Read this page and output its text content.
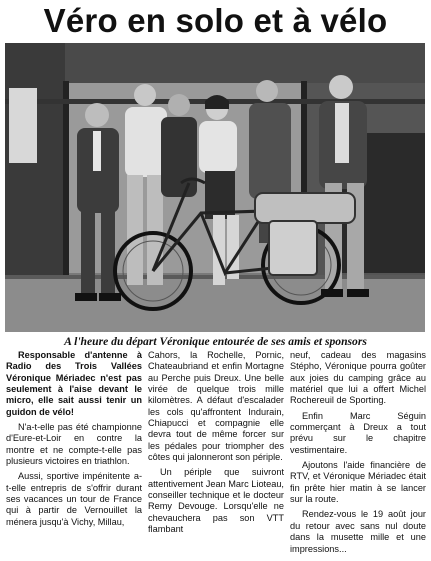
Véro en solo et à vélo
A l'heure du départ Véronique entourée de ses amis et sponsors

Responsable d'antenne à Radio des Trois Vallées Véronique Mériadec n'est pas seulement à l'aise devant le micro, elle sait aussi tenir un guidon de vélo!

N'a-t-elle pas été championne d'Eure-et-Loir en contre la montre et ne compte-t-elle pas plusieurs victoires en triathlon.

Aussi, sportive impénitente a-t-elle entrepris de s'offrir durant ses vacances un tour de France qui à partir de Vernouillet la ménera jusqu'à Vichy, Millau,

Cahors, la Rochelle, Pornic, Chateaubriand et enfin Mortagne au Perche puis Dreux. Une belle virée de quelque trois mille kilomètres. A défaut d'escalader les cols qu'affrontent Indurain, Chiapucci et compagnie elle devra tout de même forcer sur les pédales pour triompher des côtes qui jalonneront son périple.

Un périple que suivront attentivement Jean Marc Lioteau, conseiller technique et le docteur Remy Devouge. Lorsqu'elle ne chevauchera pas son VTT flambant

neuf, cadeau des magasins Stépho, Véronique pourra goûter aux joies du camping grâce au matériel que lui a offert Michel Rochereuil de Sporting.

Enfin Marc Séguin commerçant à Dreux a tout prévu sur le chapitre vestimentaire.

Ajoutons l'aide financière de RTV, et Véronique Mériadec était fin prête hier matin à se lancer sur la route.

Rendez-vous le 19 août jour du retour avec sans nul doute dans la musette mille et une impressions...
